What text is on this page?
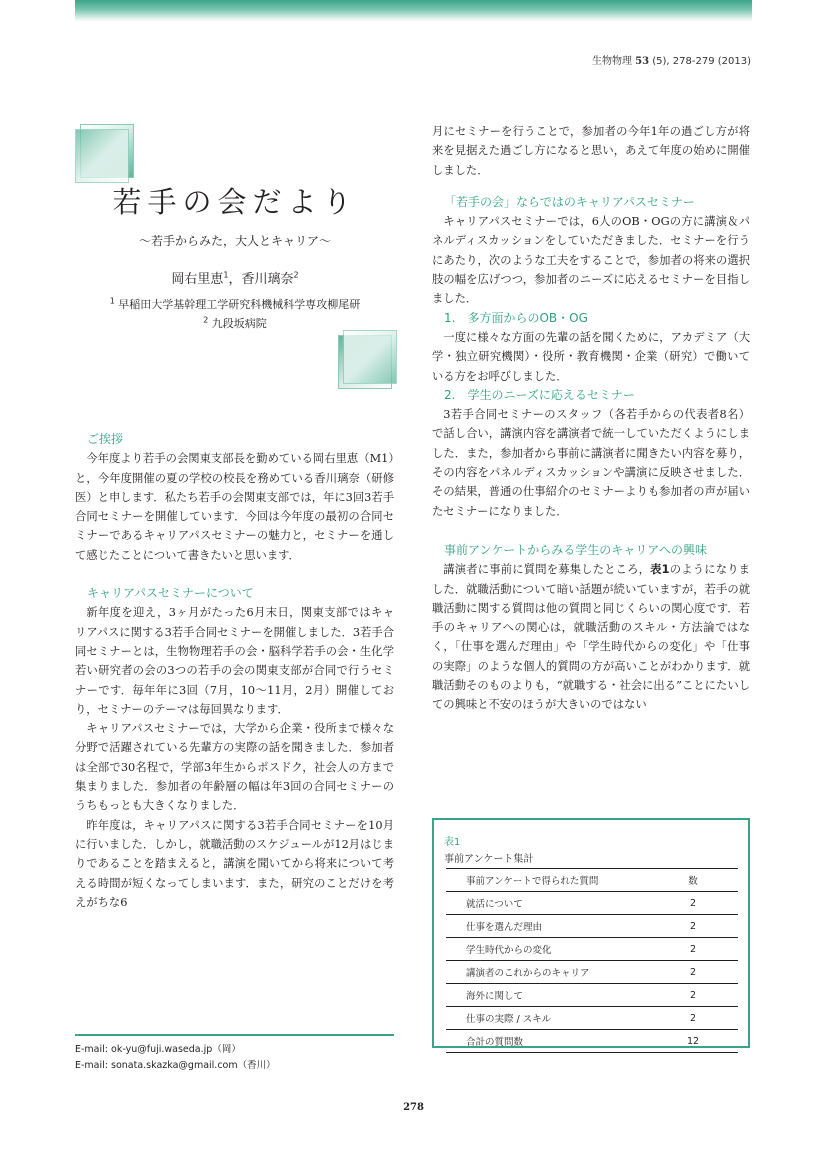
生物物理 53 (5), 278-279 (2013)
若手の会だより
～若手からみた，大人とキャリア～
岡右里恵$^1$，香川璃奈$^2$
$^1$ 早稲田大学基幹理工学研究科機械科学専攻柳尾研
$^2$ 九段坂病院

ご挨拶

今年度より若手の会関東支部長を勤めている岡右里恵（M1）と，今年度開催の夏の学校の校長を務めている香川璃奈（研修医）と申します．私たち若手の会関東支部では，年に3回3若手合同セミナーを開催しています．今回は今年度の最初の合同セミナーであるキャリアパスセミナーの魅力と，セミナーを通して感じたことについて書きたいと思います．

キャリアパスセミナーについて

新年度を迎え，3ヶ月がたった6月末日，関東支部ではキャリアパスに関する3若手合同セミナーを開催しました．3若手合同セミナーとは，生物物理若手の会・脳科学若手の会・生化学若い研究者の会の3つの若手の会の関東支部が合同で行うセミナーです．毎年年に3回（7月，10～11月，2月）開催しており，セミナーのテーマは毎回異なります．

キャリアパスセミナーでは，大学から企業・役所まで様々な分野で活躍されている先輩方の実際の話を聞きました．参加者は全部で30名程で，学部3年生からポスドク，社会人の方まで集まりました．参加者の年齢層の幅は年3回の合同セミナーのうちもっとも大きくなりました．

昨年度は，キャリアパスに関する3若手合同セミナーを10月に行いました．しかし，就職活動のスケジュールが12月はじまりであることを踏まえると，講演を聞いてから将来について考える時間が短くなってしまいます．また，研究のことだけを考えがちな6

月にセミナーを行うことで，参加者の今年1年の過ごし方が将来を見据えた過ごし方になると思い，あえて年度の始めに開催しました．

「若手の会」ならではのキャリアパスセミナー

キャリアパスセミナーでは，6人のOB・OGの方に講演＆パネルディスカッションをしていただきました．セミナーを行うにあたり，次のような工夫をすることで，参加者の将来の選択肢の幅を広げつつ，参加者のニーズに応えるセミナーを目指しました．

1.　多方面からのOB・OG

一度に様々な方面の先輩の話を聞くために，アカデミア（大学・独立研究機関）・役所・教育機関・企業（研究）で働いている方をお呼びしました．

2.　学生のニーズに応えるセミナー

3若手合同セミナーのスタッフ（各若手からの代表者8名）で話し合い，講演内容を講演者で統一していただくようにしました．また，参加者から事前に講演者に聞きたい内容を募り，その内容をパネルディスカッションや講演に反映させました．その結果，普通の仕事紹介のセミナーよりも参加者の声が届いたセミナーになりました．

事前アンケートからみる学生のキャリアへの興味

講演者に事前に質問を募集したところ，表1のようになりました．就職活動について暗い話題が続いていますが，若手の就職活動に関する質問は他の質問と同じくらいの関心度です．若手のキャリアへの関心は，就職活動のスキル・方法論ではなく，「仕事を選んだ理由」や「学生時代からの変化」や「仕事の実際」のような個人的質問の方が高いことがわかります．就職活動そのものよりも，“就職する・社会に出る”ことにたいしての興味と不安のほうが大きいのではない

表1
事前アンケート集計
事前アンケートで得られた質問	数
就活について	2
仕事を選んだ理由	2
学生時代からの変化	2
講演者のこれからのキャリア	2
海外に関して	2
仕事の実際 / スキル	2
合計の質問数	12
E-mail: ok-yu@fuji.waseda.jp（岡）
E-mail: sonata.skazka@gmail.com（香川）
278
